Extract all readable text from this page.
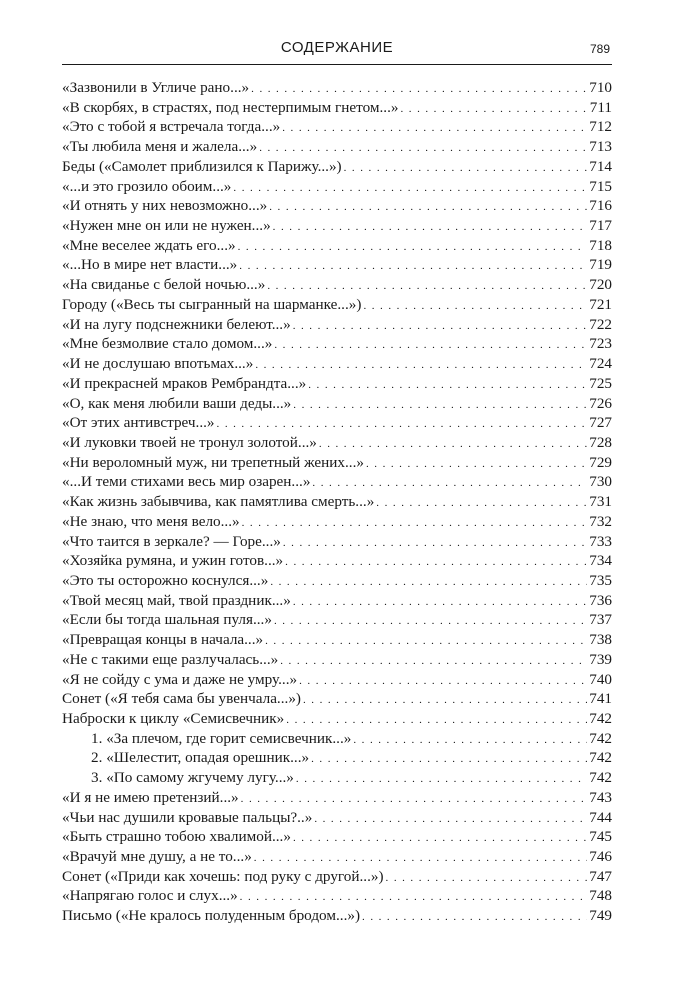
СОДЕРЖАНИЕ	789
«Зазвонили в Угличе рано...» . . .	710
«В скорбях, в страстях, под нестерпимым гнетом...» . . .	711
«Это с тобой я встречала тогда...» . . .	712
«Ты любила меня и жалела...» . . .	713
Беды («Самолет приблизился к Парижу...») . . .	714
«...и это грозило обоим...» . . .	715
«И отнять у них невозможно...» . . .	716
«Нужен мне он или не нужен...» . . .	717
«Мне веселее ждать его...» . . .	718
«...Но в мире нет власти...» . . .	719
«На свиданье с белой ночью...» . . .	720
Городу («Весь ты сыгранный на шарманке...») . . .	721
«И на лугу подснежники белеют...» . . .	722
«Мне безмолвие стало домом...» . . .	723
«И не дослушаю впотьмах...» . . .	724
«И прекрасней мраков Рембрандта...» . . .	725
«О, как меня любили ваши деды...» . . .	726
«От этих антивстреч...» . . .	727
«И луковки твоей не тронул золотой...» . . .	728
«Ни вероломный муж, ни трепетный жених...» . . .	729
«...И теми стихами весь мир озарен...» . . .	730
«Как жизнь забывчива, как памятлива смерть...» . . .	731
«Не знаю, что меня вело...» . . .	732
«Что таится в зеркале? — Горе...» . . .	733
«Хозяйка румяна, и ужин готов...» . . .	734
«Это ты осторожно коснулся...» . . .	735
«Твой месяц май, твой праздник...» . . .	736
«Если бы тогда шальная пуля...» . . .	737
«Превращая концы в начала...» . . .	738
«Не с такими еще разлучалась...» . . .	739
«Я не сойду с ума и даже не умру...» . . .	740
Сонет («Я тебя сама бы увенчала...») . . .	741
Наброски к циклу «Семисвечник» . . .	742
1. «За плечом, где горит семисвечник...» . . .	742
2. «Шелестит, опадая орешник...» . . .	742
3. «По самому жгучему лугу...» . . .	742
«И я не имею претензий...» . . .	743
«Чьи нас душили кровавые пальцы?..» . . .	744
«Быть страшно тобою хвалимой...» . . .	745
«Врачуй мне душу, а не то...» . . .	746
Сонет («Приди как хочешь: под руку с другой...») . . .	747
«Напрягаю голос и слух...» . . .	748
Письмо («Не кралось полуденным бродом...») . . .	749
